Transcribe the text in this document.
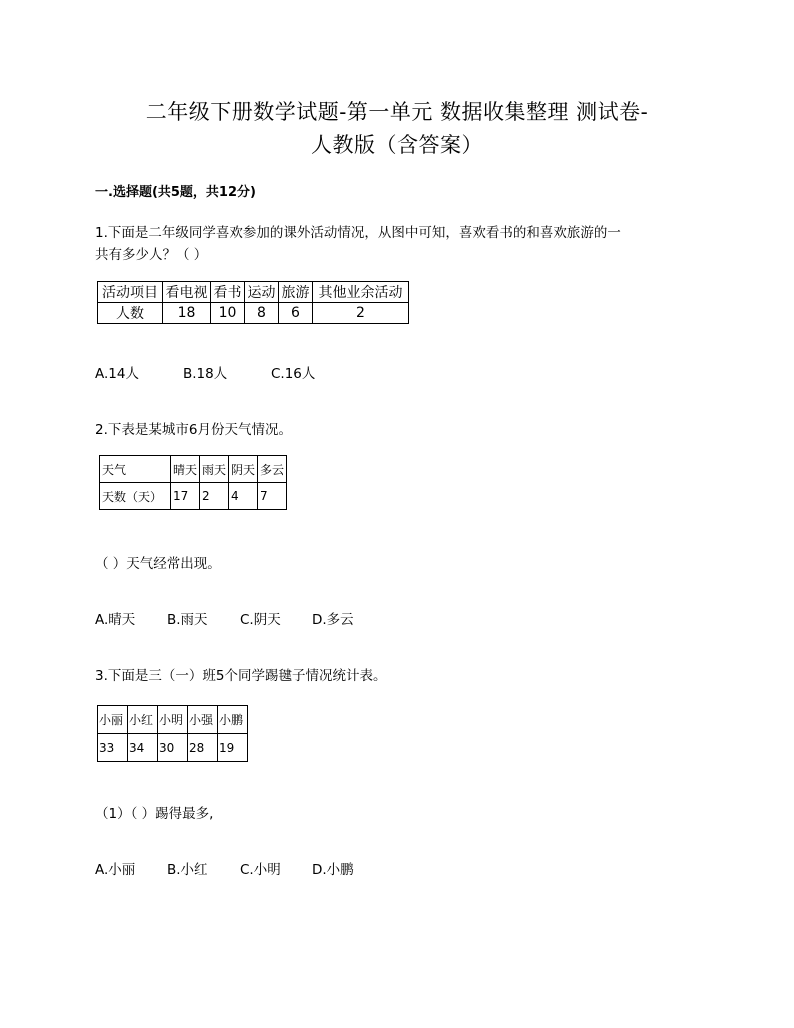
二年级下册数学试题-第一单元 数据收集整理 测试卷-
人教版（含答案）
一.选择题(共5题，共12分)
1.下面是二年级同学喜欢参加的课外活动情况，从图中可知，喜欢看书的和喜欢旅游的一
共有多少人？（ ）
活动项目	看电视	看书	运动	旅游	其他业余活动
人数	18	10	8	6	2
A.14人	B.18人	C.16人
2.下表是某城市6月份天气情况。
天气	晴天	雨天	阴天	多云
天数（天）	17	2	4	7
（ ）天气经常出现。
A.晴天 B.雨天 C.阴天 D.多云
3.下面是三（一）班5个同学踢毽子情况统计表。
小丽	小红	小明	小强	小鹏
33	34	30	28	19
（1）（ ）踢得最多,
A.小丽 B.小红 C.小明 D.小鹏
